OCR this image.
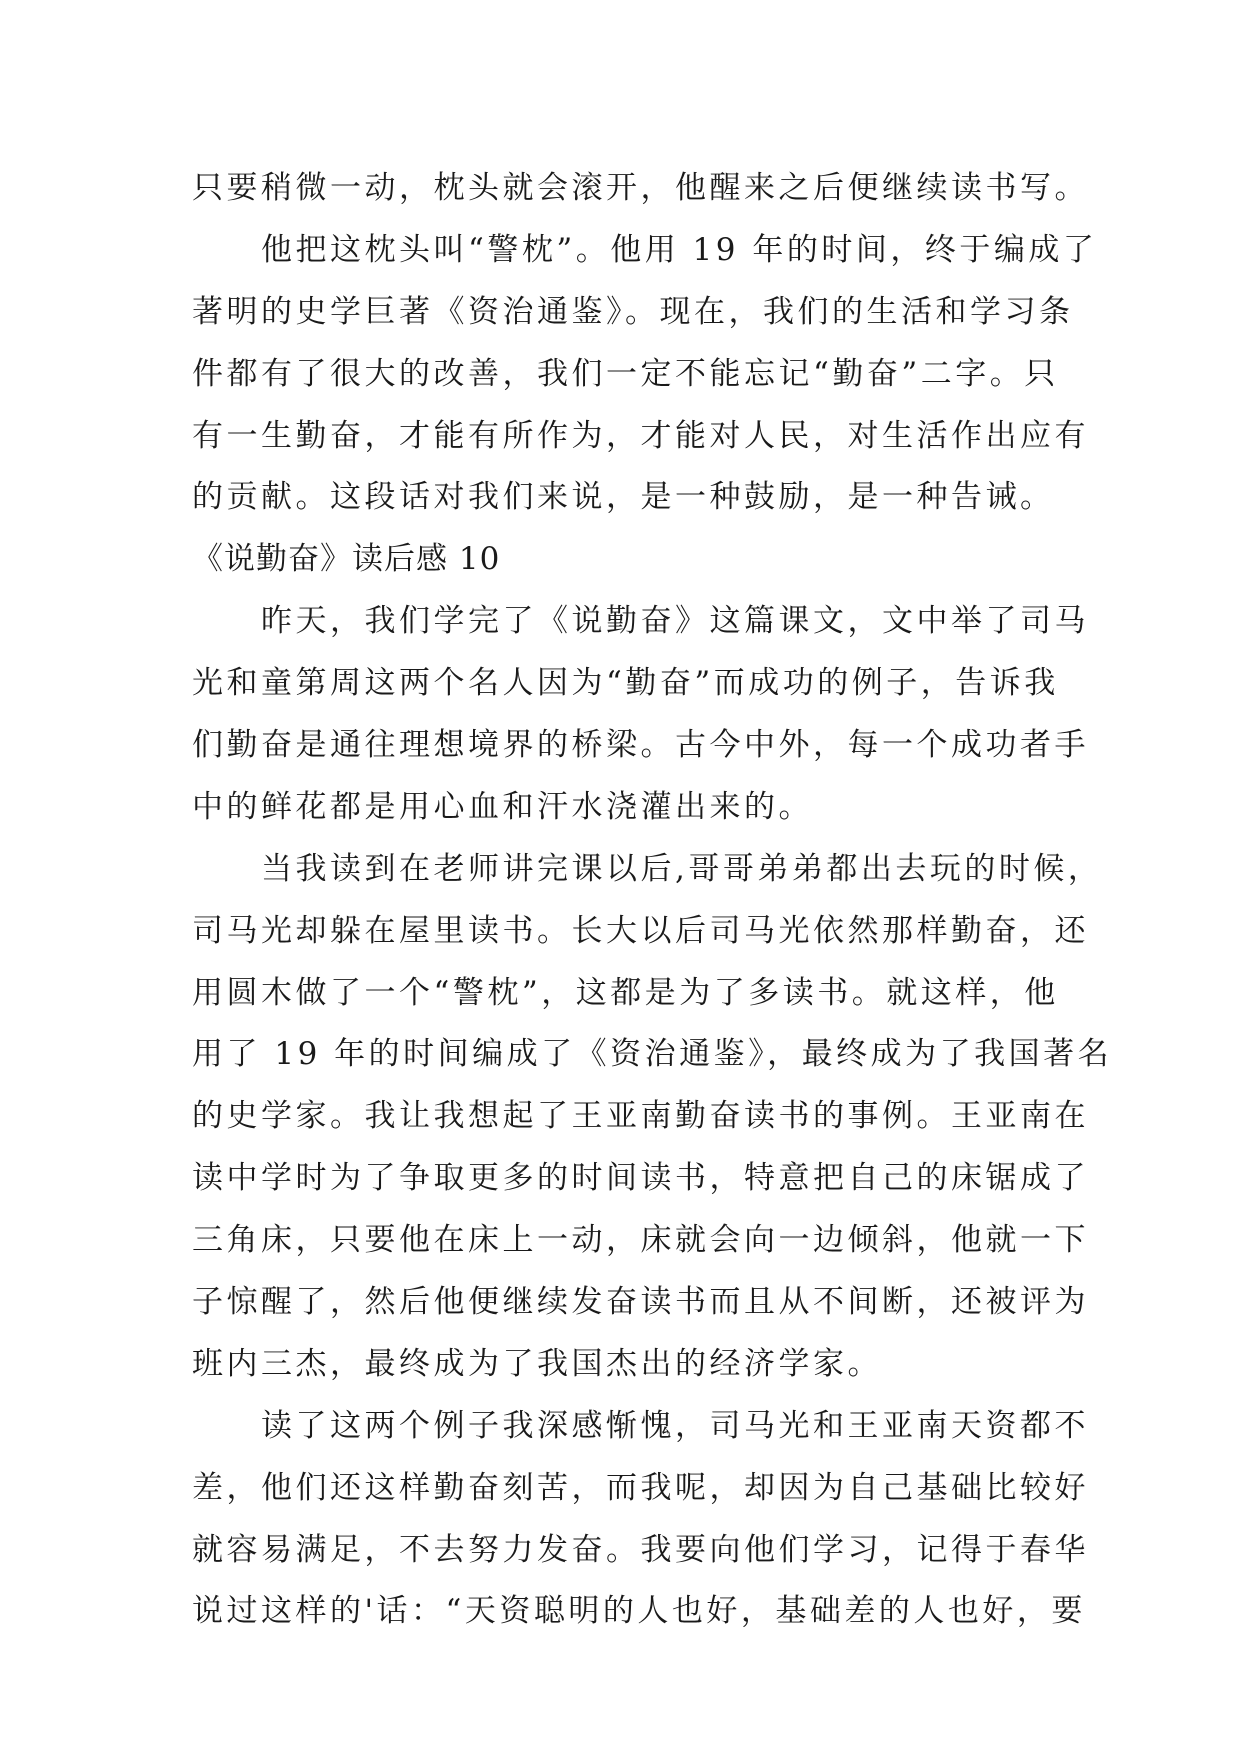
只要稍微一动，枕头就会滚开，他醒来之后便继续读书写。
　　他把这枕头叫“警枕”。他用 19 年的时间，终于编成了
著明的史学巨著《资治通鉴》。现在，我们的生活和学习条
件都有了很大的改善，我们一定不能忘记“勤奋”二字。只
有一生勤奋，才能有所作为，才能对人民，对生活作出应有
的贡献。这段话对我们来说，是一种鼓励，是一种告诫。
《说勤奋》读后感 10
　　昨天，我们学完了《说勤奋》这篇课文，文中举了司马
光和童第周这两个名人因为“勤奋”而成功的例子，告诉我
们勤奋是通往理想境界的桥梁。古今中外，每一个成功者手
中的鲜花都是用心血和汗水浇灌出来的。
　　当我读到在老师讲完课以后,哥哥弟弟都出去玩的时候，
司马光却躲在屋里读书。长大以后司马光依然那样勤奋，还
用圆木做了一个“警枕”，这都是为了多读书。就这样，他
用了 19 年的时间编成了《资治通鉴》，最终成为了我国著名
的史学家。我让我想起了王亚南勤奋读书的事例。王亚南在
读中学时为了争取更多的时间读书，特意把自己的床锯成了
三角床，只要他在床上一动，床就会向一边倾斜，他就一下
子惊醒了，然后他便继续发奋读书而且从不间断，还被评为
班内三杰，最终成为了我国杰出的经济学家。
　　读了这两个例子我深感惭愧，司马光和王亚南天资都不
差，他们还这样勤奋刻苦，而我呢，却因为自己基础比较好
就容易满足，不去努力发奋。我要向他们学习，记得于春华
说过这样的'话：“天资聪明的人也好，基础差的人也好，要
